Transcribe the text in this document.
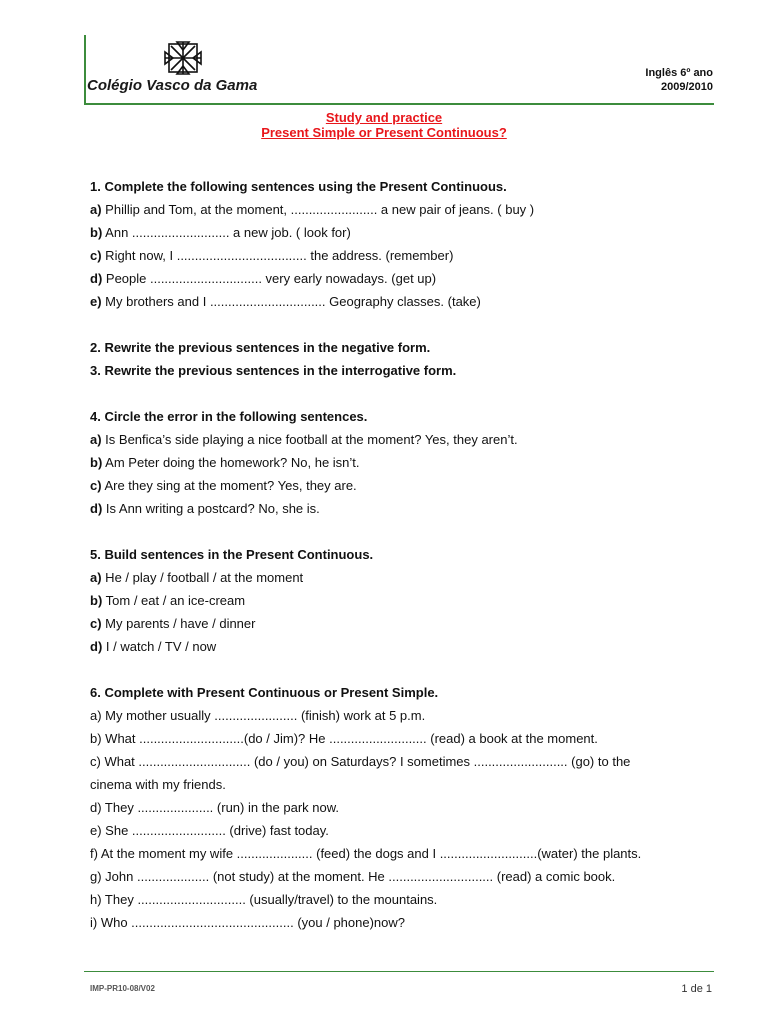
Colégio Vasco da Gama
Inglês 6º ano
2009/2010
Study and practice
Present Simple or Present Continuous?
1. Complete the following sentences using the Present Continuous.
a) Phillip and Tom, at the moment, ........................ a new pair of jeans. ( buy )
b) Ann ........................... a new job. ( look for)
c) Right now, I .................................... the address. (remember)
d) People ............................... very early nowadays. (get up)
e) My brothers and I ................................ Geography classes. (take)
2. Rewrite the previous sentences in the negative form.
3. Rewrite the previous sentences in the interrogative form.
4. Circle the error in the following sentences.
a) Is Benfica’s side playing a nice football at the moment? Yes, they aren’t.
b) Am Peter doing the homework? No, he isn’t.
c) Are they sing at the moment? Yes, they are.
d) Is Ann writing a postcard? No, she is.
5. Build sentences in the Present Continuous.
a) He / play / football / at the moment
b) Tom / eat / an ice-cream
c) My parents / have / dinner
d) I / watch / TV / now
6. Complete with Present Continuous or Present Simple.
a) My mother usually ....................... (finish) work at 5 p.m.
b) What .............................(do / Jim)? He ........................... (read) a book at the moment.
c) What ............................... (do / you) on Saturdays? I sometimes .......................... (go) to the
cinema with my friends.
d) They ..................... (run) in the park now.
e) She .......................... (drive) fast today.
f) At the moment my wife ..................... (feed) the dogs and I ...........................(water) the plants.
g) John .................... (not study) at the moment. He ............................. (read) a comic book.
h) They .............................. (usually/travel) to the mountains.
i) Who ............................................. (you / phone)now?
IMP-PR10-08/V02	1 de 1
